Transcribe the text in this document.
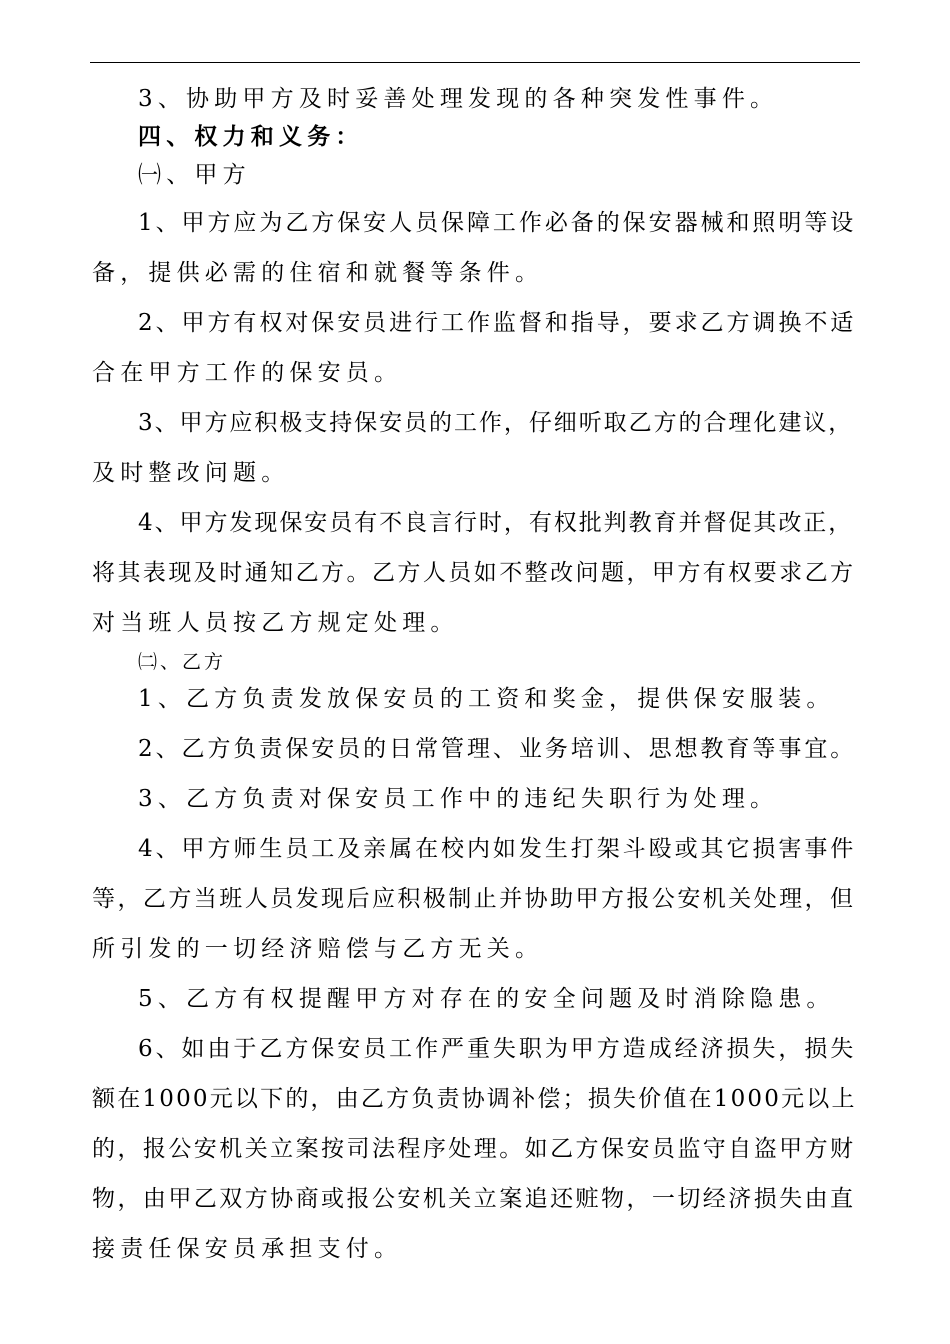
3、协助甲方及时妥善处理发现的各种突发性事件。
四、权力和义务：
㈠、甲方
1、甲方应为乙方保安人员保障工作必备的保安器械和照明等设
备，提供必需的住宿和就餐等条件。
2、甲方有权对保安员进行工作监督和指导，要求乙方调换不适
合在甲方工作的保安员。
3、甲方应积极支持保安员的工作，仔细听取乙方的合理化建议，
及时整改问题。
4、甲方发现保安员有不良言行时，有权批判教育并督促其改正，
将其表现及时通知乙方。乙方人员如不整改问题，甲方有权要求乙方
对当班人员按乙方规定处理。
㈡、乙方
1、乙方负责发放保安员的工资和奖金，提供保安服装。
2、乙方负责保安员的日常管理、业务培训、思想教育等事宜。
3、乙方负责对保安员工作中的违纪失职行为处理。
4、甲方师生员工及亲属在校内如发生打架斗殴或其它损害事件
等，乙方当班人员发现后应积极制止并协助甲方报公安机关处理，但
所引发的一切经济赔偿与乙方无关。
5、乙方有权提醒甲方对存在的安全问题及时消除隐患。
6、如由于乙方保安员工作严重失职为甲方造成经济损失，损失
额在1000元以下的，由乙方负责协调补偿；损失价值在1000元以上
的，报公安机关立案按司法程序处理。如乙方保安员监守自盗甲方财
物，由甲乙双方协商或报公安机关立案追还赃物，一切经济损失由直
接责任保安员承担支付。
